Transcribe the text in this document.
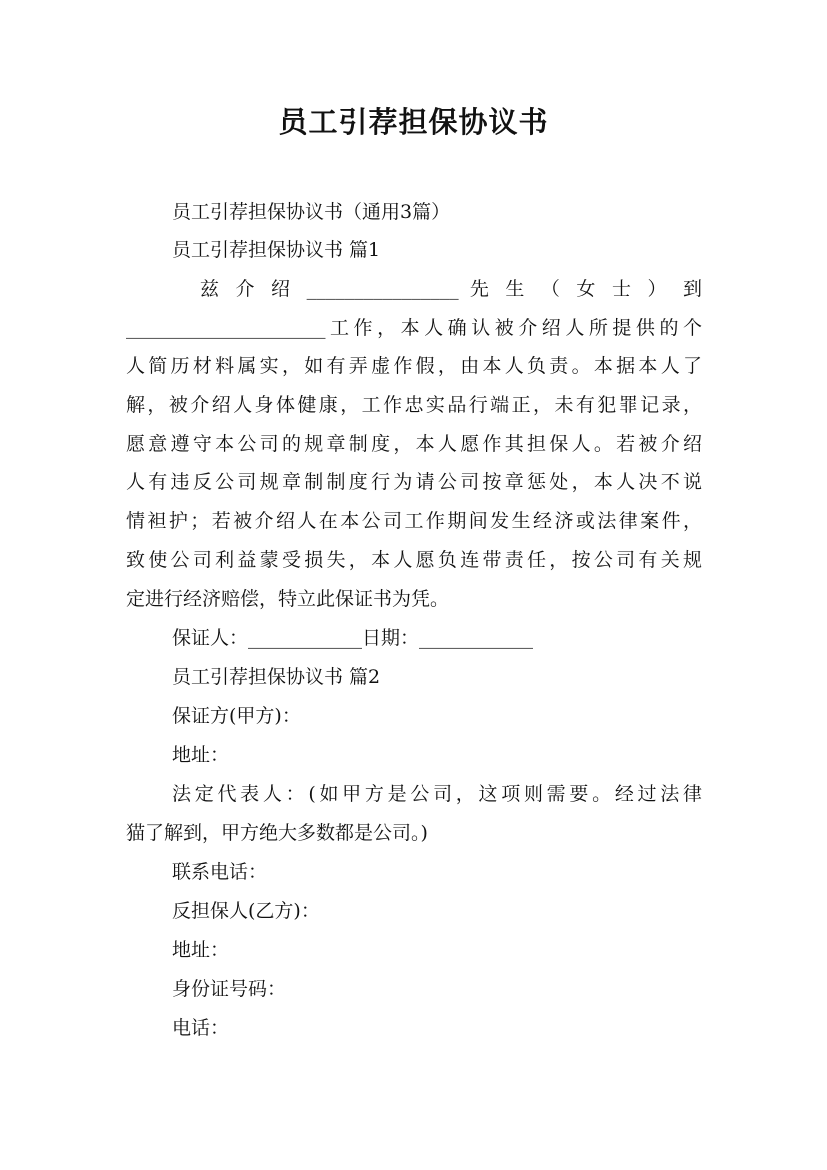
员工引荐担保协议书
员工引荐担保协议书（通用3篇）
员工引荐担保协议书 篇1
兹 介 绍 ________________ 先 生 （ 女 士 ） 到
_____________________工作，本人确认被介绍人所提供的个
人简历材料属实，如有弄虚作假，由本人负责。本据本人了
解，被介绍人身体健康，工作忠实品行端正，未有犯罪记录，
愿意遵守本公司的规章制度，本人愿作其担保人。若被介绍
人有违反公司规章制制度行为请公司按章惩处，本人决不说
情袒护；若被介绍人在本公司工作期间发生经济或法律案件，
致使公司利益蒙受损失，本人愿负连带责任，按公司有关规
定进行经济赔偿，特立此保证书为凭。
保证人：____________日期：____________
员工引荐担保协议书 篇2
保证方(甲方)：
地址：
法定代表人：(如甲方是公司，这项则需要。经过法律
猫了解到，甲方绝大多数都是公司。)
联系电话：
反担保人(乙方)：
地址：
身份证号码：
电话：
